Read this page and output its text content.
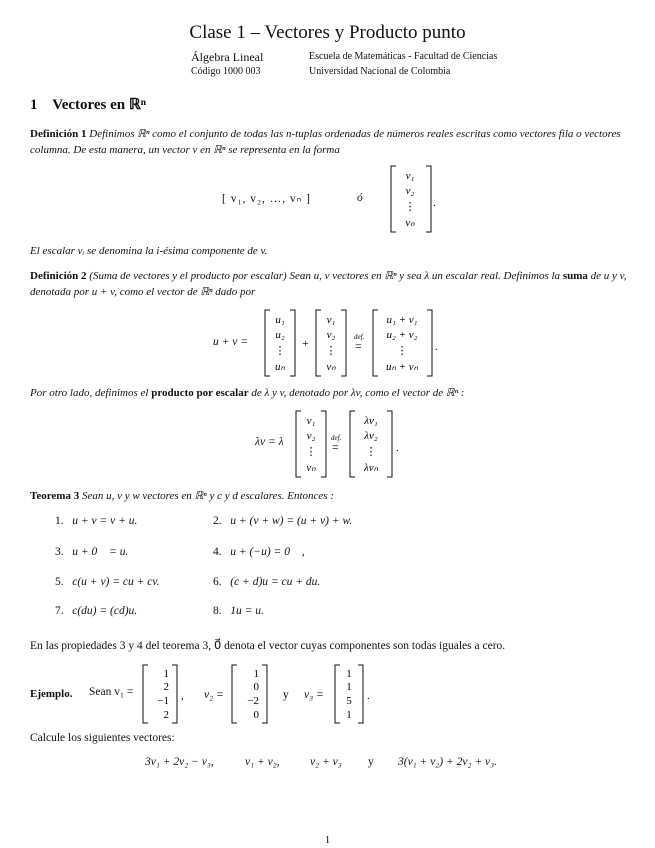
Clase 1 – Vectores y Producto punto
Álgebra Lineal
Código 1000 003
Escuela de Matemáticas - Facultad de Ciencias
Universidad Nacional de Colombia
1 Vectores en ℝⁿ
Definición 1 Definimos ℝⁿ como el conjunto de todas las n-tuplas ordenadas de números reales escritas como vectores fila o vectores columna. De esta manera, un vector v en ℝⁿ se representa en la forma
[ v₁, v₂, …, vₙ ]	ó
v₁
v₂
⋮
vₙ
.
El escalar vᵢ se denomina la i-ésima componente de v.
Definición 2 (Suma de vectores y el producto por escalar) Sean u, v vectores en ℝⁿ y sea λ un escalar real. Definimos la suma de u y v, denotada por u + v, como el vector de ℝⁿ dado por
u + v =
u₁
u₂
⋮
uₙ
+
v₁
v₂
⋮
vₙ
def.
=
u₁ + v₁
u₂ + v₂
⋮
uₙ + vₙ
.
Por otro lado, definimos el producto por escalar de λ y v, denotado por λv, como el vector de ℝⁿ :
λv = λ
v₁
v₂
⋮
vₙ
def.
=
λv₁
λv₂
⋮
λvₙ
.
Teorema 3 Sean u, v y w vectores en ℝⁿ y c y d escalares. Entonces :
1. u + v = v + u.	2. u + (v + w) = (u + v) + w.
3. u + 0⃗ = u.	4. u + (−u) = 0⃗ ,
5. c(u + v) = cu + cv.	6. (c + d)u = cu + du.
7. c(du) = (cd)u.	8. 1u = u.
En las propiedades 3 y 4 del teorema 3, 0⃗ denota el vector cuyas componentes son todas iguales a cero.
Ejemplo. Sean v₁ =
1
2
−1
2
, v₂ =
1
0
−2
0
y v₃ =
1
1
5
1
.
Calcule los siguientes vectores:
3v₁ + 2v₂ − v₃,	v₁ + v₂,	v₂ + v₃ y 3(v₁ + v₂) + 2v₂ + v₃.
1
